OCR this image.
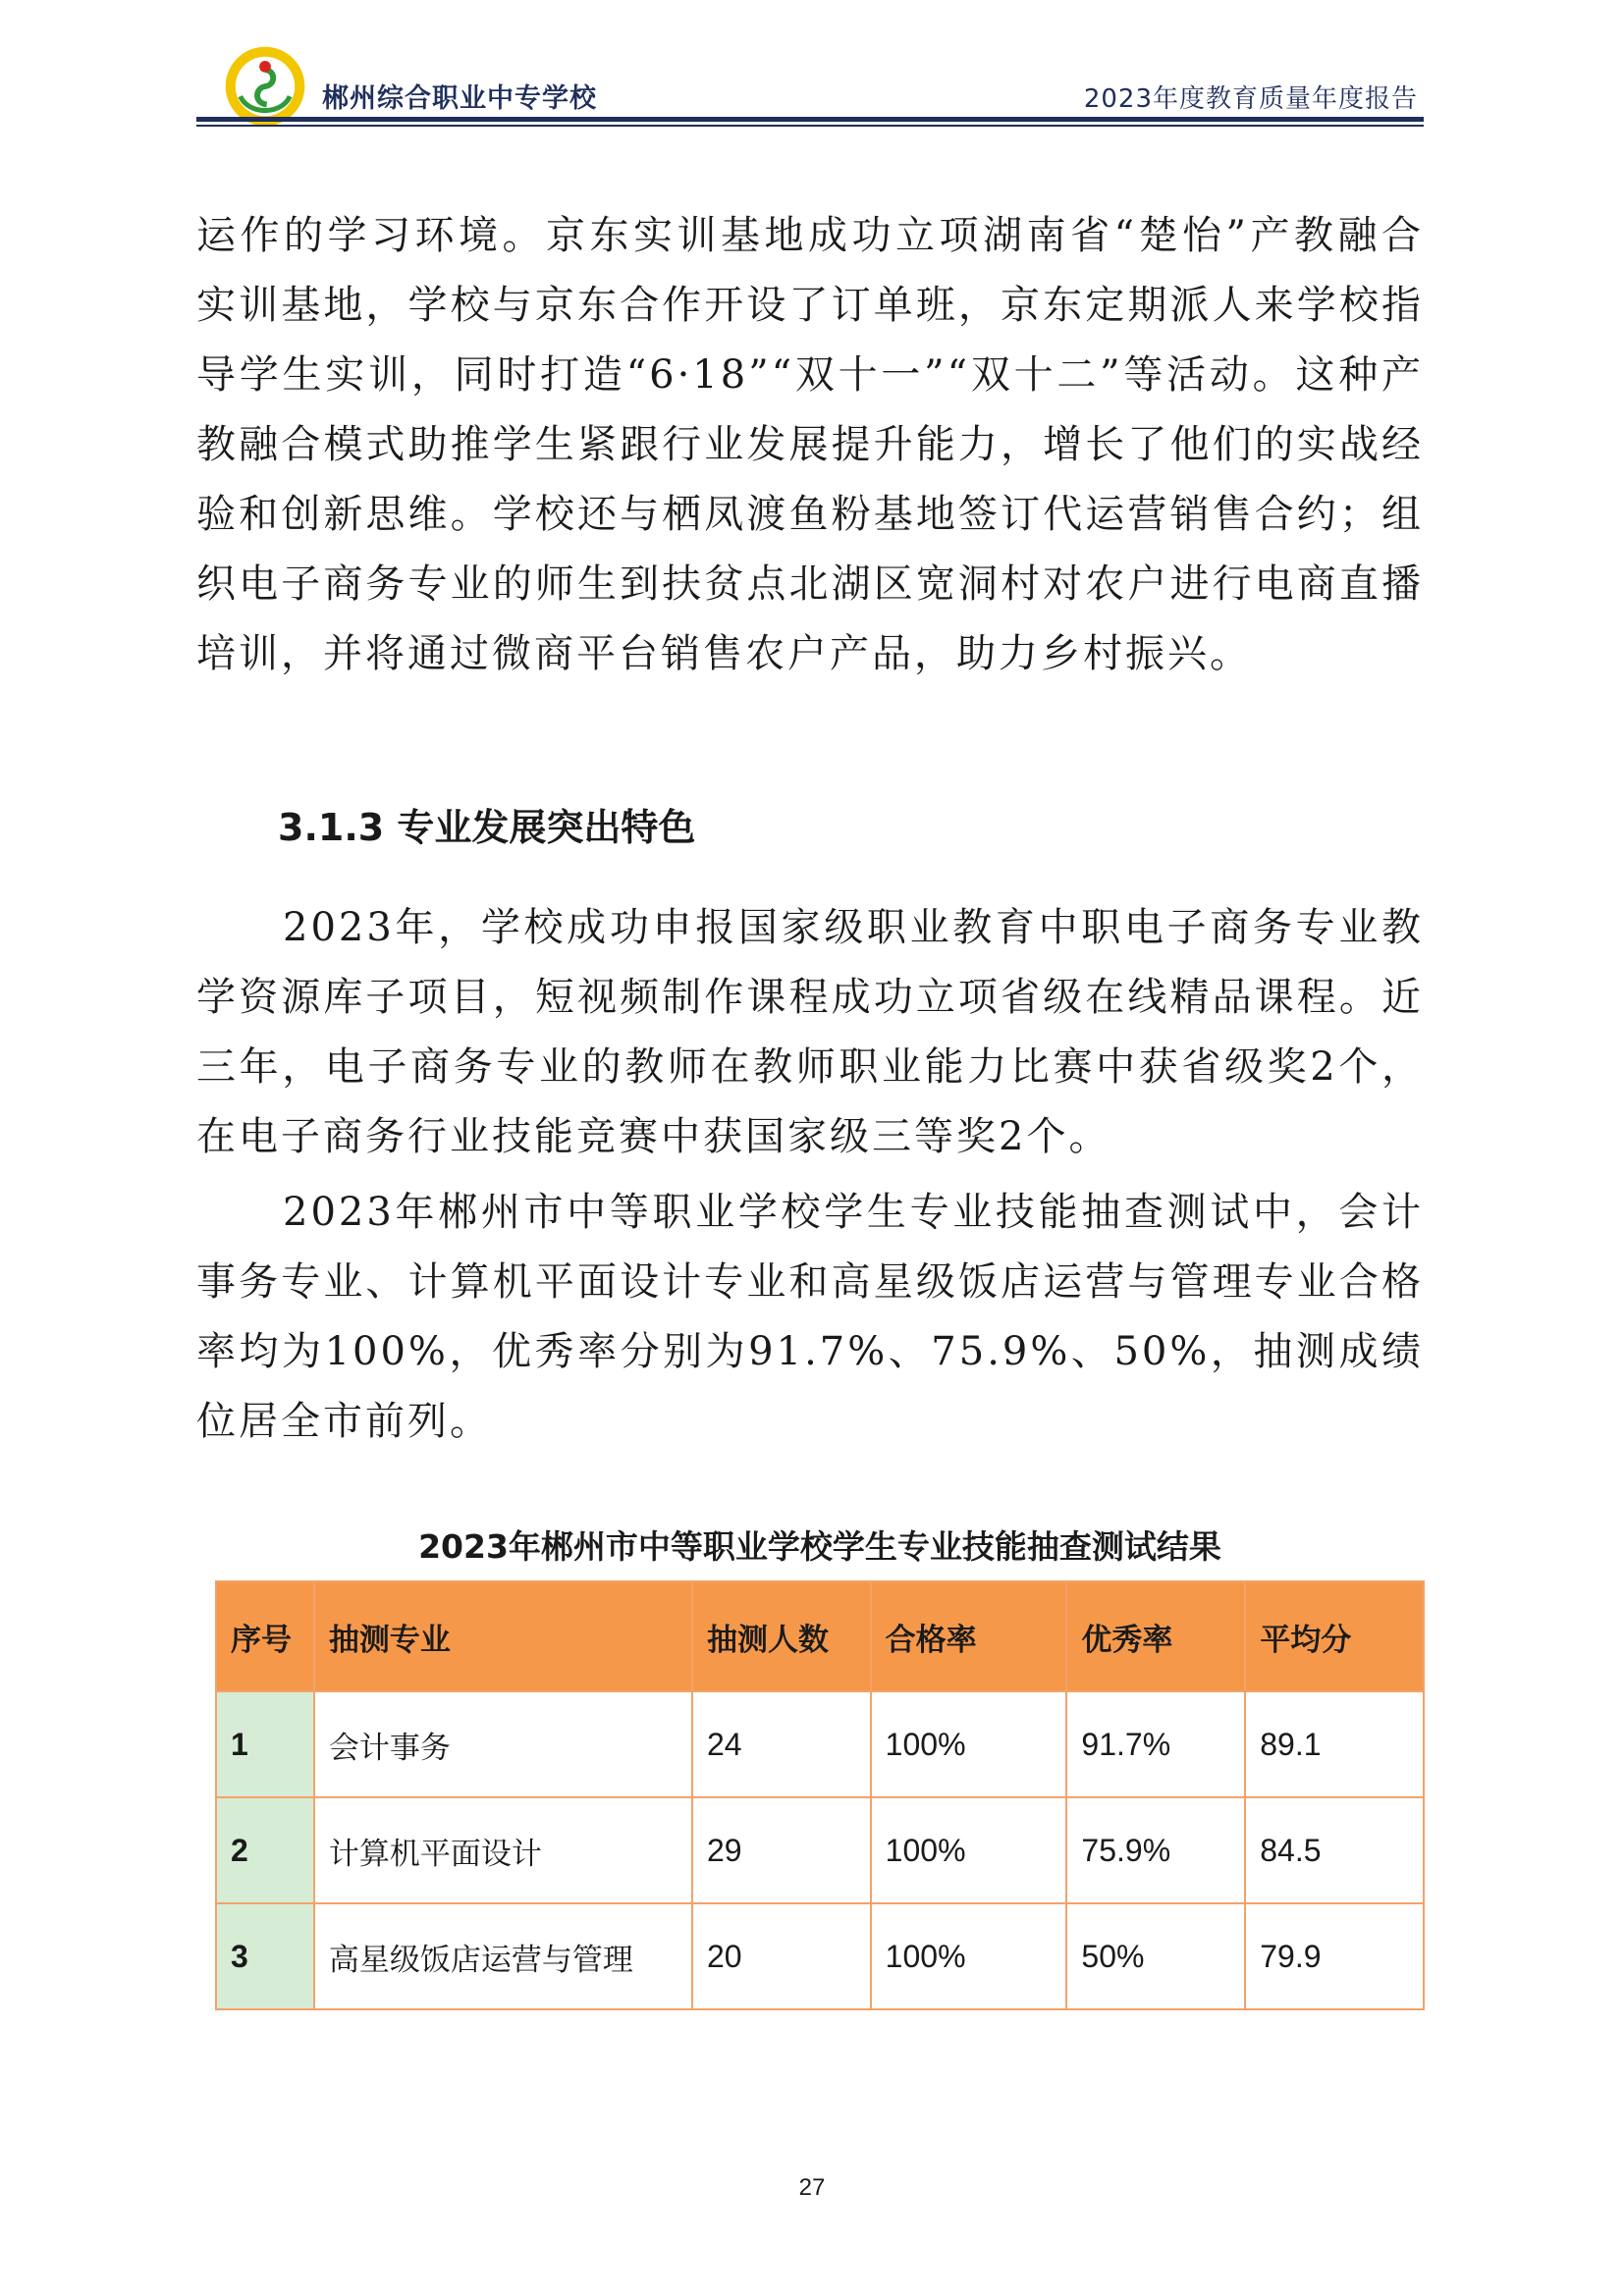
郴州综合职业中专学校	2023年度教育质量年度报告

运作的学习环境。京东实训基地成功立项湖南省“楚怡”产教融合实训基地，学校与京东合作开设了订单班，京东定期派人来学校指导学生实训，同时打造“6·18”“双十一”“双十二”等活动。这种产教融合模式助推学生紧跟行业发展提升能力，增长了他们的实战经验和创新思维。学校还与栖凤渡鱼粉基地签订代运营销售合约；组织电子商务专业的师生到扶贫点北湖区宽洞村对农户进行电商直播培训，并将通过微商平台销售农户产品，助力乡村振兴。

3.1.3 专业发展突出特色

2023年，学校成功申报国家级职业教育中职电子商务专业教学资源库子项目，短视频制作课程成功立项省级在线精品课程。近三年，电子商务专业的教师在教师职业能力比赛中获省级奖2个，在电子商务行业技能竞赛中获国家级三等奖2个。

2023年郴州市中等职业学校学生专业技能抽查测试中，会计事务专业、计算机平面设计专业和高星级饭店运营与管理专业合格率均为100%，优秀率分别为91.7%、75.9%、50%，抽测成绩位居全市前列。

2023年郴州市中等职业学校学生专业技能抽查测试结果
序号	抽测专业	抽测人数	合格率	优秀率	平均分
1	会计事务	24	100%	91.7%	89.1
2	计算机平面设计	29	100%	75.9%	84.5
3	高星级饭店运营与管理	20	100%	50%	79.9
27
